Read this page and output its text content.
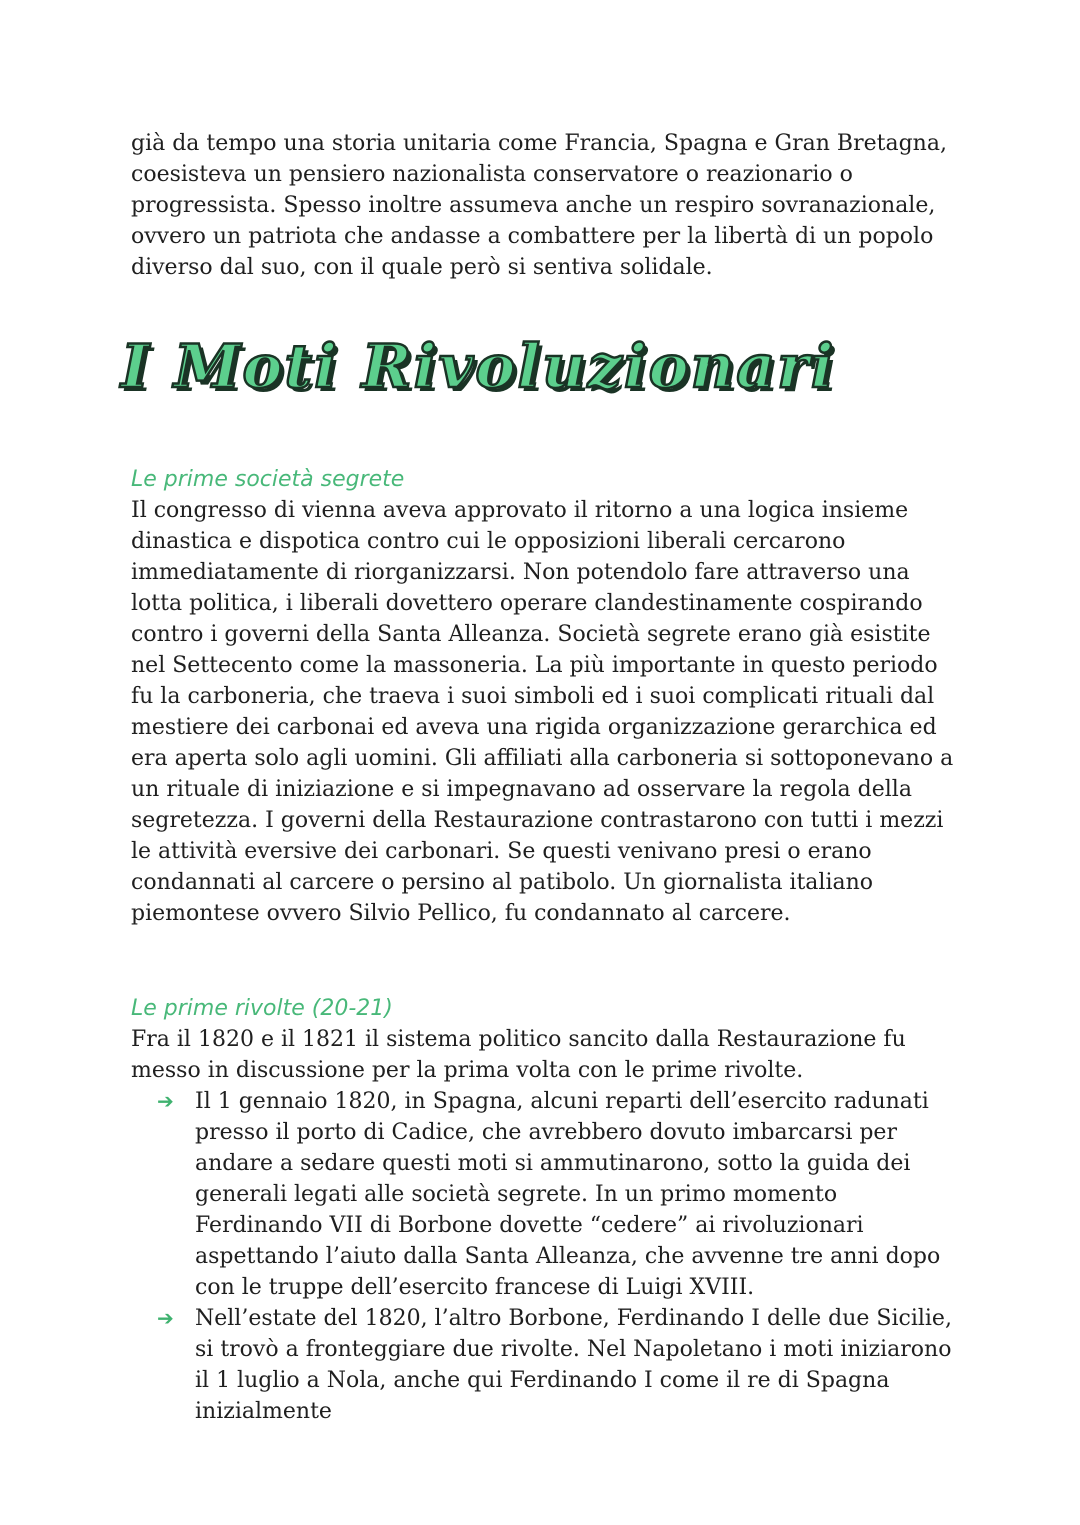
già da tempo una storia unitaria come Francia, Spagna e Gran Bretagna, coesisteva un pensiero nazionalista conservatore o reazionario o progressista. Spesso inoltre assumeva anche un respiro sovranazionale, ovvero un patriota che andasse a combattere per la libertà di un popolo diverso dal suo, con il quale però si sentiva solidale.

I Moti Rivoluzionari
Le prime società segrete

Il congresso di vienna aveva approvato il ritorno a una logica insieme dinastica e dispotica contro cui le opposizioni liberali cercarono immediatamente di riorganizzarsi. Non potendolo fare attraverso una lotta politica, i liberali dovettero operare clandestinamente cospirando contro i governi della Santa Alleanza. Società segrete erano già esistite nel Settecento come la massoneria. La più importante in questo periodo fu la carboneria, che traeva i suoi simboli ed i suoi complicati rituali dal mestiere dei carbonai ed aveva una rigida organizzazione gerarchica ed era aperta solo agli uomini. Gli affiliati alla carboneria si sottoponevano a un rituale di iniziazione e si impegnavano ad osservare la regola della segretezza. I governi della Restaurazione contrastarono con tutti i mezzi le attività eversive dei carbonari. Se questi venivano presi o erano condannati al carcere o persino al patibolo. Un giornalista italiano piemontese ovvero Silvio Pellico, fu condannato al carcere.

Le prime rivolte (20-21)

Fra il 1820 e il 1821 il sistema politico sancito dalla Restaurazione fu messo in discussione per la prima volta con le prime rivolte.

➔ Il 1 gennaio 1820, in Spagna, alcuni reparti dell’esercito radunati presso il porto di Cadice, che avrebbero dovuto imbarcarsi per andare a sedare questi moti si ammutinarono, sotto la guida dei generali legati alle società segrete. In un primo momento Ferdinando VII di Borbone dovette “cedere” ai rivoluzionari aspettando l’aiuto dalla Santa Alleanza, che avvenne tre anni dopo con le truppe dell’esercito francese di Luigi XVIII.
➔ Nell’estate del 1820, l’altro Borbone, Ferdinando I delle due Sicilie, si trovò a fronteggiare due rivolte. Nel Napoletano i moti iniziarono il 1 luglio a Nola, anche qui Ferdinando I come il re di Spagna inizialmente
